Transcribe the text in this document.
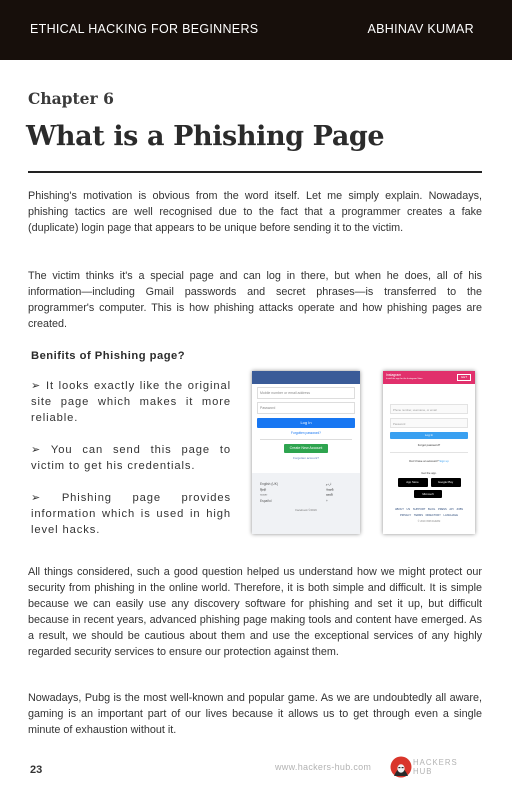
ETHICAL HACKING FOR BEGINNERS	ABHINAV KUMAR
Chapter 6
What is a Phishing Page

Phishing's motivation is obvious from the word itself. Let me simply explain. Nowadays, phishing tactics are well recognised due to the fact that a programmer creates a fake (duplicate) login page that appears to be unique before sending it to the victim.

The victim thinks it's a special page and can log in there, but when he does, all of his information—including Gmail passwords and secret phrases—is transferred to the programmer's computer. This is how phishing attacks operate and how phishing pages are created.

Benifits of Phishing page?
➢ It looks exactly like the original site page which makes it more reliable.
➢ You can send this page to victim to get his credentials.
➢ Phishing page provides information which is used in high level hacks.
Mobile number or email address
Password
Log In
Forgotten password?
Create New Account
Forgotten account?
English (UK)
हिन्दी
বাংলা
Español
اردو
नेपाली
मराठी
+
Facebook ©2019
Instagram
Install the app for the Instagram Store	GET
Phone number, username, or email
Password
Log In
Forgot password?
Don't have an account? Sign up
Get the app.
App Store	Google Play
Microsoft
ABOUT US SUPPORT BLOG PRESS API JOBS
PRIVACY TERMS DIRECTORY LANGUAGE
© 2019 INSTAGRAM

All things considered, such a good question helped us understand how we might protect our security from phishing in the online world. Therefore, it is both simple and difficult. It is simple because we can easily use any discovery software for phishing and set it up, but difficult because in recent years, advanced phishing page making tools and content have emerged. As a result, we should be cautious about them and use the exceptional services of any highly regarded security services to ensure our protection against them.

Nowadays, Pubg is the most well-known and popular game. As we are undoubtedly all aware, gaming is an important part of our lives because it allows us to get through even a single minute of exhaustion without it.

23	www.hackers-hub.com	HACKERS
HUB
